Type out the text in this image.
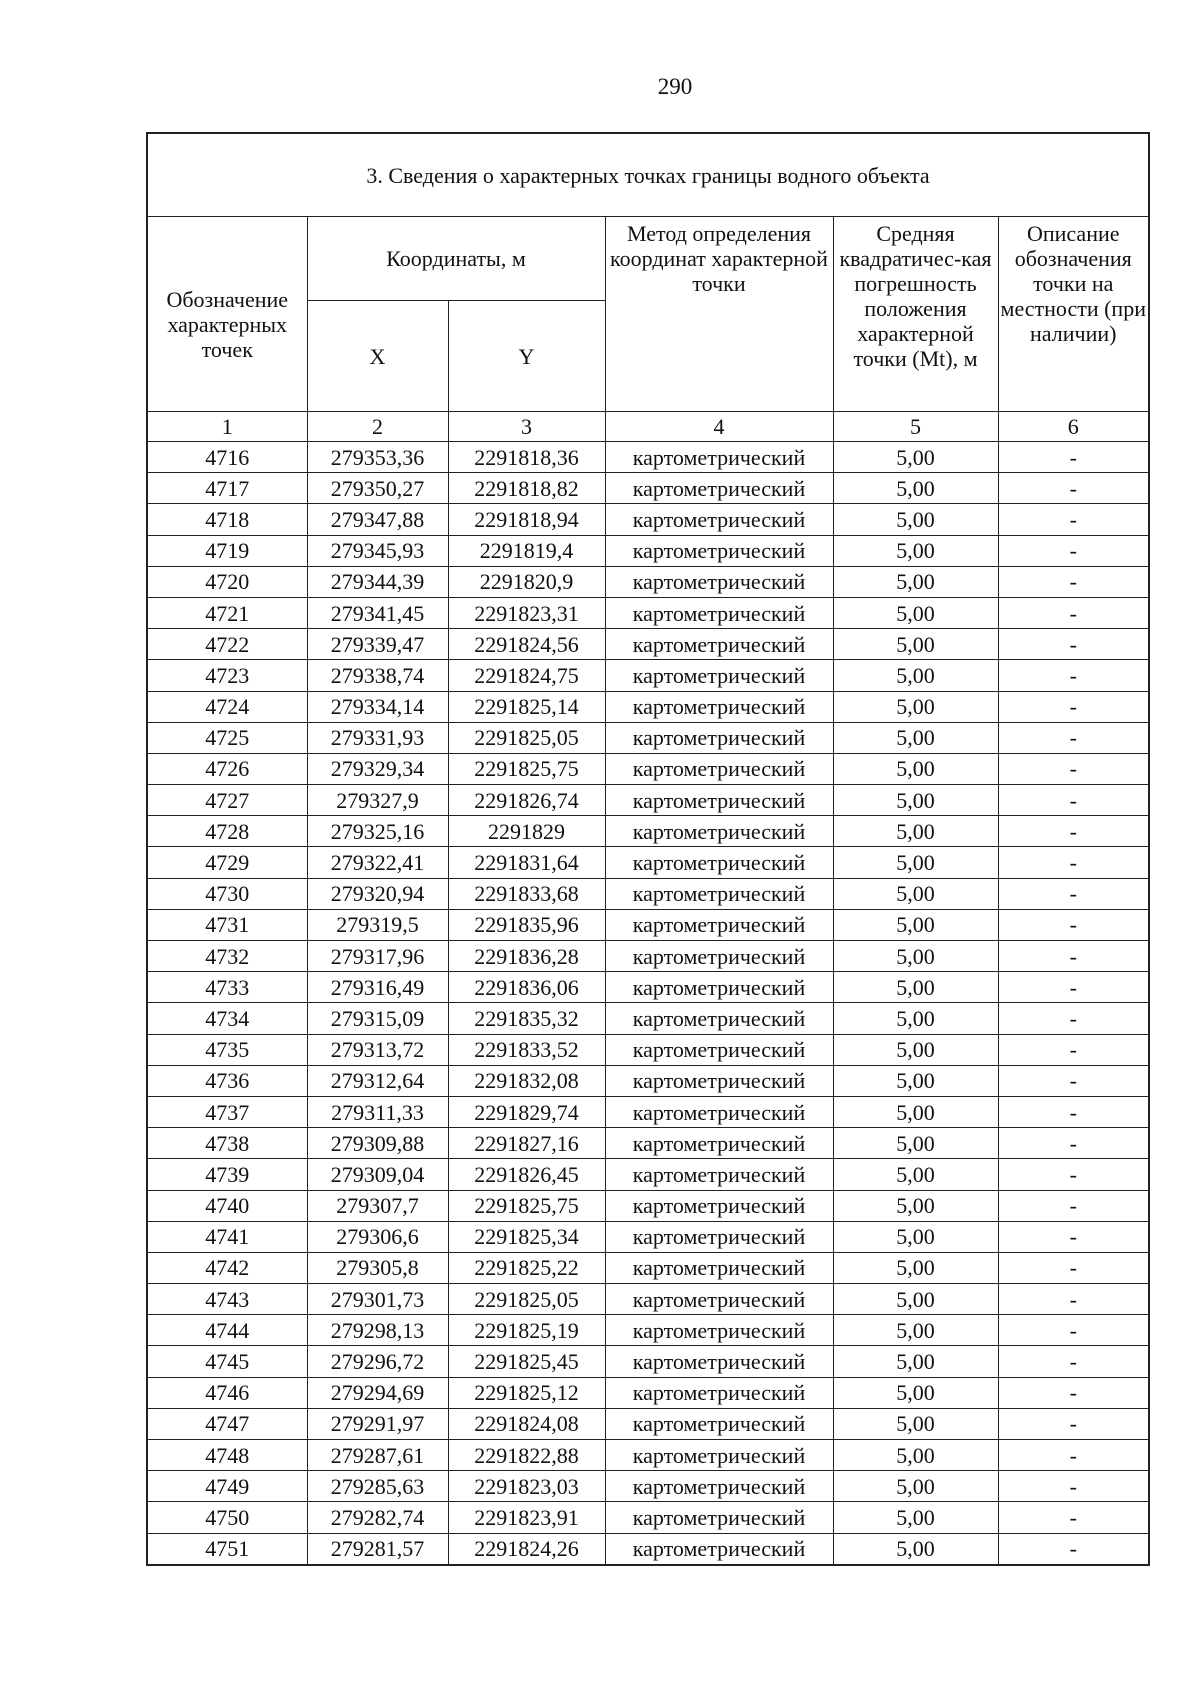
290
3. Сведения о характерных точках границы водного объекта					
Обозначение характерных точек	Координаты, м		Метод определения координат характерной точки	Средняя квадратичес-кая погрешность положения характерной точки (Mt), м	Описание обозначения точки на местности (при наличии)
	X	Y			
1	2	3	4	5	6
4716	279353,36	2291818,36	картометрический	5,00	-
4717	279350,27	2291818,82	картометрический	5,00	-
4718	279347,88	2291818,94	картометрический	5,00	-
4719	279345,93	2291819,4	картометрический	5,00	-
4720	279344,39	2291820,9	картометрический	5,00	-
4721	279341,45	2291823,31	картометрический	5,00	-
4722	279339,47	2291824,56	картометрический	5,00	-
4723	279338,74	2291824,75	картометрический	5,00	-
4724	279334,14	2291825,14	картометрический	5,00	-
4725	279331,93	2291825,05	картометрический	5,00	-
4726	279329,34	2291825,75	картометрический	5,00	-
4727	279327,9	2291826,74	картометрический	5,00	-
4728	279325,16	2291829	картометрический	5,00	-
4729	279322,41	2291831,64	картометрический	5,00	-
4730	279320,94	2291833,68	картометрический	5,00	-
4731	279319,5	2291835,96	картометрический	5,00	-
4732	279317,96	2291836,28	картометрический	5,00	-
4733	279316,49	2291836,06	картометрический	5,00	-
4734	279315,09	2291835,32	картометрический	5,00	-
4735	279313,72	2291833,52	картометрический	5,00	-
4736	279312,64	2291832,08	картометрический	5,00	-
4737	279311,33	2291829,74	картометрический	5,00	-
4738	279309,88	2291827,16	картометрический	5,00	-
4739	279309,04	2291826,45	картометрический	5,00	-
4740	279307,7	2291825,75	картометрический	5,00	-
4741	279306,6	2291825,34	картометрический	5,00	-
4742	279305,8	2291825,22	картометрический	5,00	-
4743	279301,73	2291825,05	картометрический	5,00	-
4744	279298,13	2291825,19	картометрический	5,00	-
4745	279296,72	2291825,45	картометрический	5,00	-
4746	279294,69	2291825,12	картометрический	5,00	-
4747	279291,97	2291824,08	картометрический	5,00	-
4748	279287,61	2291822,88	картометрический	5,00	-
4749	279285,63	2291823,03	картометрический	5,00	-
4750	279282,74	2291823,91	картометрический	5,00	-
4751	279281,57	2291824,26	картометрический	5,00	-
